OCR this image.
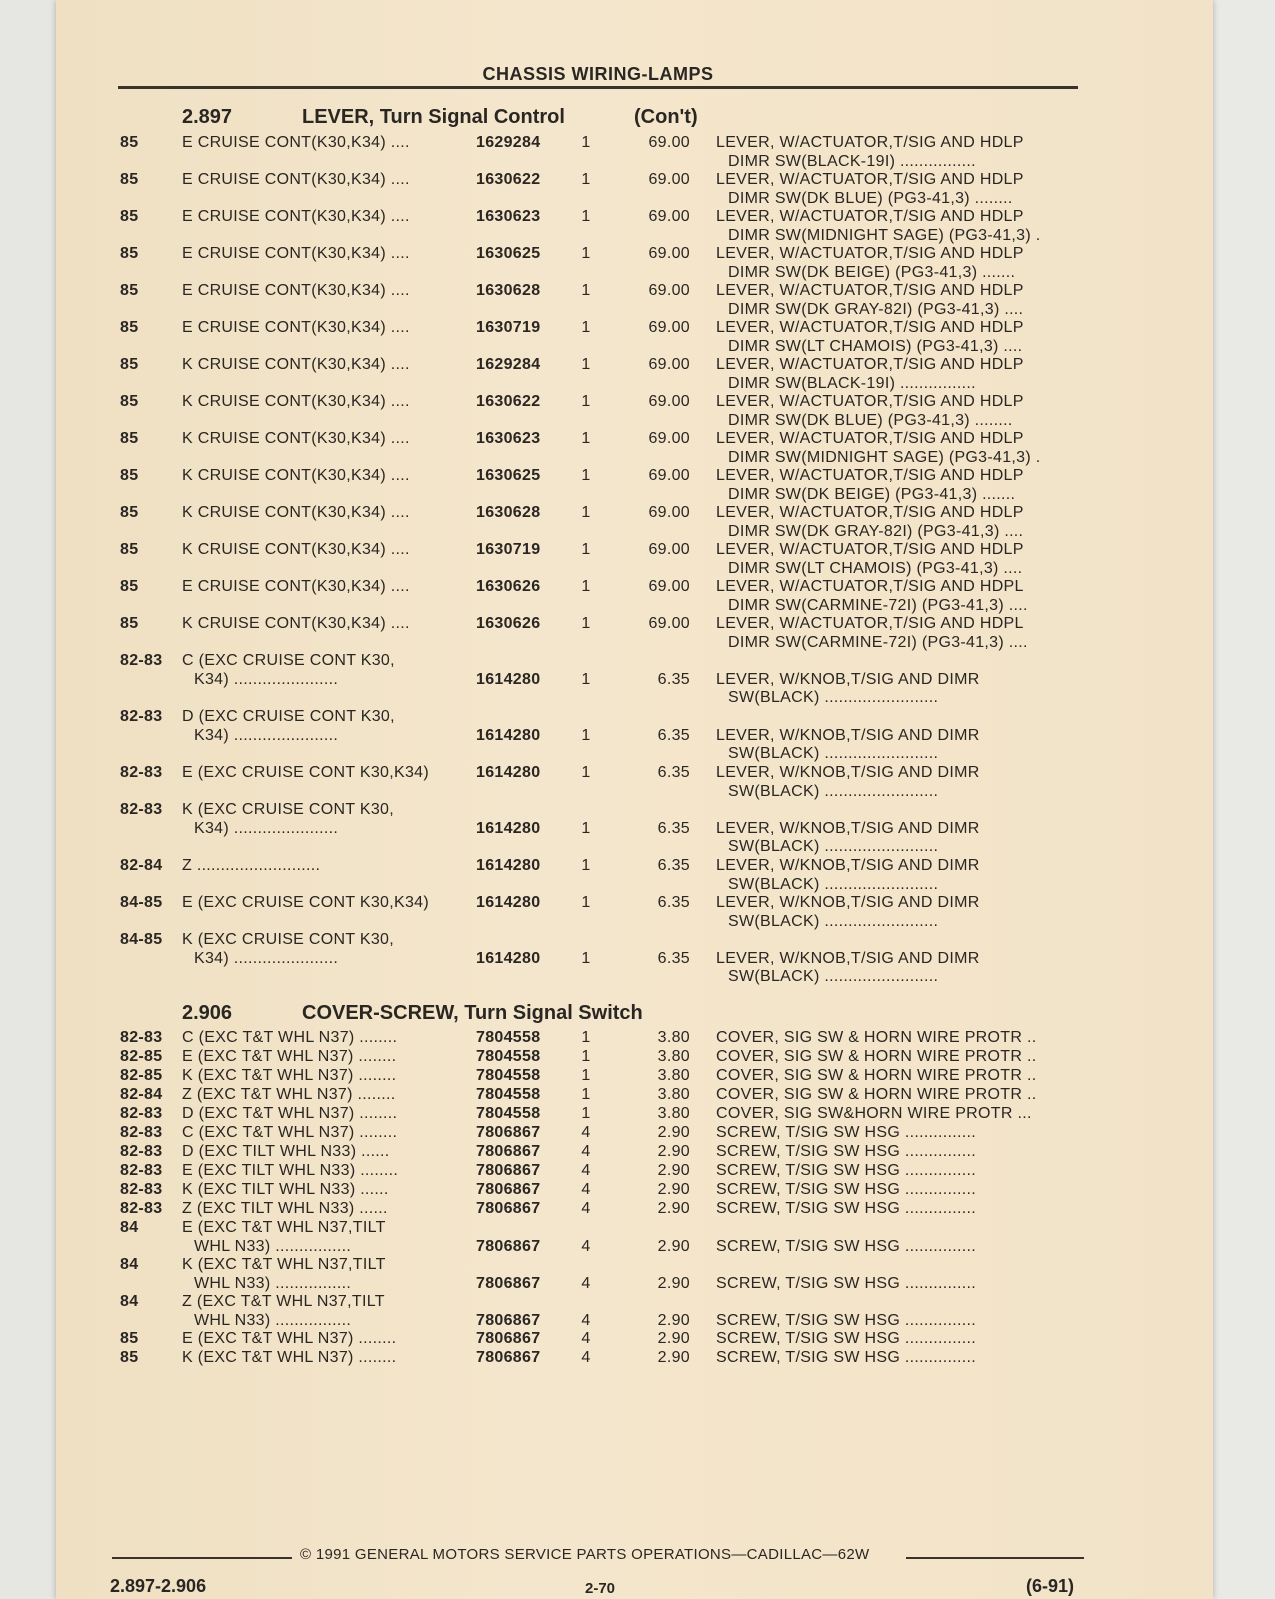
CHASSIS WIRING-LAMPS
2.897	LEVER, Turn Signal Control	(Con't)
85	E CRUISE CONT(K30,K34) ....	1629284	1	69.00 LEVER, W/ACTUATOR,T/SIG AND HDLP
DIMR SW(BLACK-19I) ................
85	E CRUISE CONT(K30,K34) ....	1630622	1	69.00 LEVER, W/ACTUATOR,T/SIG AND HDLP
DIMR SW(DK BLUE) (PG3-41,3) ........
85	E CRUISE CONT(K30,K34) ....	1630623	1	69.00 LEVER, W/ACTUATOR,T/SIG AND HDLP
DIMR SW(MIDNIGHT SAGE) (PG3-41,3) .
85	E CRUISE CONT(K30,K34) ....	1630625	1	69.00 LEVER, W/ACTUATOR,T/SIG AND HDLP
DIMR SW(DK BEIGE) (PG3-41,3) .......
85	E CRUISE CONT(K30,K34) ....	1630628	1	69.00 LEVER, W/ACTUATOR,T/SIG AND HDLP
DIMR SW(DK GRAY-82I) (PG3-41,3) ....
85	E CRUISE CONT(K30,K34) ....	1630719	1	69.00 LEVER, W/ACTUATOR,T/SIG AND HDLP
DIMR SW(LT CHAMOIS) (PG3-41,3) ....
85	K CRUISE CONT(K30,K34) ....	1629284	1	69.00 LEVER, W/ACTUATOR,T/SIG AND HDLP
DIMR SW(BLACK-19I) ................
85	K CRUISE CONT(K30,K34) ....	1630622	1	69.00 LEVER, W/ACTUATOR,T/SIG AND HDLP
DIMR SW(DK BLUE) (PG3-41,3) ........
85	K CRUISE CONT(K30,K34) ....	1630623	1	69.00 LEVER, W/ACTUATOR,T/SIG AND HDLP
DIMR SW(MIDNIGHT SAGE) (PG3-41,3) .
85	K CRUISE CONT(K30,K34) ....	1630625	1	69.00 LEVER, W/ACTUATOR,T/SIG AND HDLP
DIMR SW(DK BEIGE) (PG3-41,3) .......
85	K CRUISE CONT(K30,K34) ....	1630628	1	69.00 LEVER, W/ACTUATOR,T/SIG AND HDLP
DIMR SW(DK GRAY-82I) (PG3-41,3) ....
85	K CRUISE CONT(K30,K34) ....	1630719	1	69.00 LEVER, W/ACTUATOR,T/SIG AND HDLP
DIMR SW(LT CHAMOIS) (PG3-41,3) ....
85	E CRUISE CONT(K30,K34) ....	1630626	1	69.00 LEVER, W/ACTUATOR,T/SIG AND HDPL
DIMR SW(CARMINE-72I) (PG3-41,3) ....
85	K CRUISE CONT(K30,K34) ....	1630626	1	69.00 LEVER, W/ACTUATOR,T/SIG AND HDPL
DIMR SW(CARMINE-72I) (PG3-41,3) ....
82-83 C (EXC CRUISE CONT K30,
K34) ......................	1614280	1	6.35 LEVER, W/KNOB,T/SIG AND DIMR
SW(BLACK) ........................
82-83 D (EXC CRUISE CONT K30,
K34) ......................	1614280	1	6.35 LEVER, W/KNOB,T/SIG AND DIMR
SW(BLACK) ........................
82-83 E (EXC CRUISE CONT K30,K34)	1614280	1	6.35 LEVER, W/KNOB,T/SIG AND DIMR
SW(BLACK) ........................
82-83 K (EXC CRUISE CONT K30,
K34) ......................	1614280	1	6.35 LEVER, W/KNOB,T/SIG AND DIMR
SW(BLACK) ........................
82-84 Z ..........................	1614280	1	6.35 LEVER, W/KNOB,T/SIG AND DIMR
SW(BLACK) ........................
84-85 E (EXC CRUISE CONT K30,K34)	1614280	1	6.35 LEVER, W/KNOB,T/SIG AND DIMR
SW(BLACK) ........................
84-85 K (EXC CRUISE CONT K30,
K34) ......................	1614280	1	6.35 LEVER, W/KNOB,T/SIG AND DIMR
SW(BLACK) ........................
2.906	COVER-SCREW, Turn Signal Switch
82-83 C (EXC T&T WHL N37) ........	7804558	1	3.80 COVER, SIG SW & HORN WIRE PROTR ..
82-85 E (EXC T&T WHL N37) ........	7804558	1	3.80 COVER, SIG SW & HORN WIRE PROTR ..
82-85 K (EXC T&T WHL N37) ........	7804558	1	3.80 COVER, SIG SW & HORN WIRE PROTR ..
82-84 Z (EXC T&T WHL N37) ........	7804558	1	3.80 COVER, SIG SW & HORN WIRE PROTR ..
82-83 D (EXC T&T WHL N37) ........	7804558	1	3.80 COVER, SIG SW&HORN WIRE PROTR ...
82-83 C (EXC T&T WHL N37) ........	7806867	4	2.90 SCREW, T/SIG SW HSG ...............
82-83 D (EXC TILT WHL N33) ......	7806867	4	2.90 SCREW, T/SIG SW HSG ...............
82-83 E (EXC TILT WHL N33) ........	7806867	4	2.90 SCREW, T/SIG SW HSG ...............
82-83 K (EXC TILT WHL N33) ......	7806867	4	2.90 SCREW, T/SIG SW HSG ...............
82-83 Z (EXC TILT WHL N33) ......	7806867	4	2.90 SCREW, T/SIG SW HSG ...............
84	E (EXC T&T WHL N37,TILT
WHL N33) ................	7806867	4	2.90 SCREW, T/SIG SW HSG ...............
84	K (EXC T&T WHL N37,TILT
WHL N33) ................	7806867	4	2.90 SCREW, T/SIG SW HSG ...............
84	Z (EXC T&T WHL N37,TILT
WHL N33) ................	7806867	4	2.90 SCREW, T/SIG SW HSG ...............
85	E (EXC T&T WHL N37) ........	7806867	4	2.90 SCREW, T/SIG SW HSG ...............
85	K (EXC T&T WHL N37) ........	7806867	4	2.90 SCREW, T/SIG SW HSG ...............
© 1991 GENERAL MOTORS SERVICE PARTS OPERATIONS—CADILLAC—62W
2.897-2.906	2-70	(6-91)
